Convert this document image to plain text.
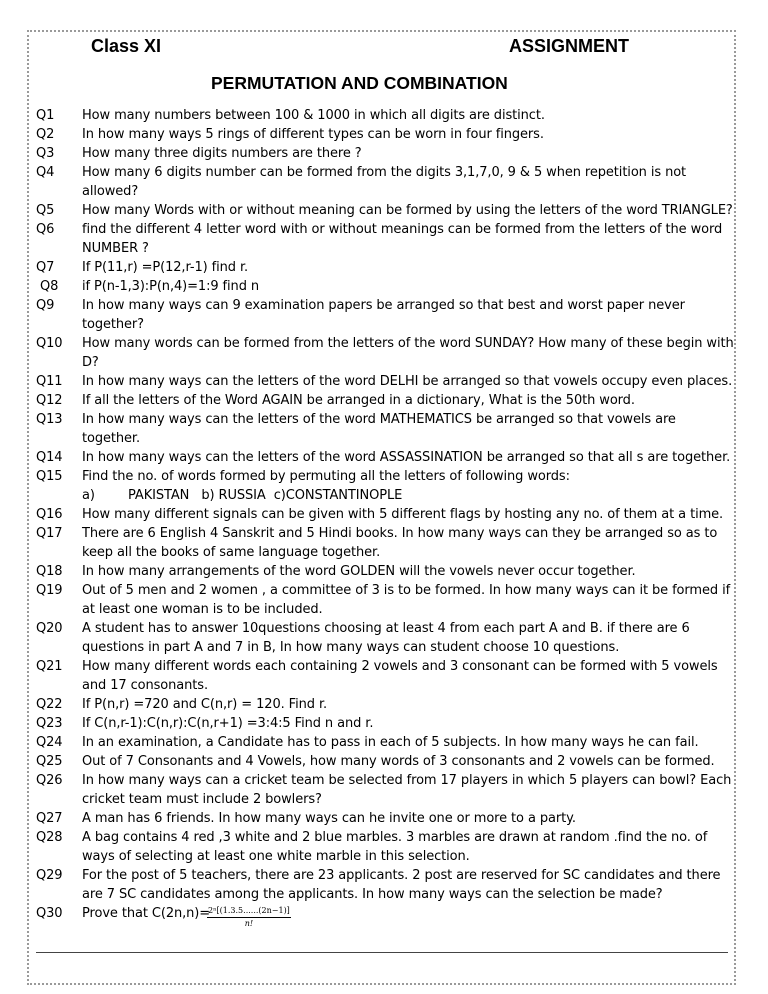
Class XI	ASSIGNMENT
PERMUTATION AND COMBINATION
Q1	How many numbers between 100 & 1000 in which all digits are distinct.
Q2	In how many ways 5 rings of different types can be worn in four fingers.
Q3	How many three digits numbers are there ?
Q4	How many 6 digits number can be formed from the digits 3,1,7,0, 9 & 5 when repetition is not
allowed?
Q5	How many Words with or without meaning can be formed by using the letters of the word TRIANGLE?
Q6	find the different 4 letter word with or without meanings can be formed from the letters of the word
NUMBER ?
Q7	If P(11,r) =P(12,r-1) find r.
Q8	if P(n-1,3):P(n,4)=1:9 find n
Q9	In how many ways can 9 examination papers be arranged so that best and worst paper never
together?
Q10	How many words can be formed from the letters of the word SUNDAY? How many of these begin with
D?
Q11	In how many ways can the letters of the word DELHI be arranged so that vowels occupy even places.
Q12	If all the letters of the Word AGAIN be arranged in a dictionary, What is the 50th word.
Q13	In how many ways can the letters of the word MATHEMATICS be arranged so that vowels are
together.
Q14	In how many ways can the letters of the word ASSASSINATION be arranged so that all s are together.
Q15	Find the no. of words formed by permuting all the letters of following words:
a)	PAKISTAN   b) RUSSIA  c)CONSTANTINOPLE
Q16	How many different signals can be given with 5 different flags by hosting any no. of them at a time.
Q17	There are 6 English 4 Sanskrit and 5 Hindi books. In how many ways can they be arranged so as to
keep all the books of same language together.
Q18	In how many arrangements of the word GOLDEN will the vowels never occur together.
Q19	Out of 5 men and 2 women , a committee of 3 is to be formed. In how many ways can it be formed if
at least one woman is to be included.
Q20	A student has to answer 10questions choosing at least 4 from each part A and B. if there are 6
questions in part A and 7 in B, In how many ways can student choose 10 questions.
Q21	How many different words each containing 2 vowels and 3 consonant can be formed with 5 vowels
and 17 consonants.
Q22	If P(n,r) =720 and C(n,r) = 120. Find r.
Q23	If C(n,r-1):C(n,r):C(n,r+1) =3:4:5 Find n and r.
Q24	In an examination, a Candidate has to pass in each of 5 subjects. In how many ways he can fail.
Q25	Out of 7 Consonants and 4 Vowels, how many words of 3 consonants and 2 vowels can be formed.
Q26	In how many ways can a cricket team be selected from 17 players in which 5 players can bowl? Each
cricket team must include 2 bowlers?
Q27	A man has 6 friends. In how many ways can he invite one or more to a party.
Q28	A bag contains 4 red ,3 white and 2 blue marbles. 3 marbles are drawn at random .find the no. of
ways of selecting at least one white marble in this selection.
Q29	For the post of 5 teachers, there are 23 applicants. 2 post are reserved for SC candidates and there
are 7 SC candidates among the applicants. In how many ways can the selection be made?
Q30	Prove that C(2n,n)=
$\frac{\text{2ⁿ[(1.3.5......(2n−1)]}}{n!}$
